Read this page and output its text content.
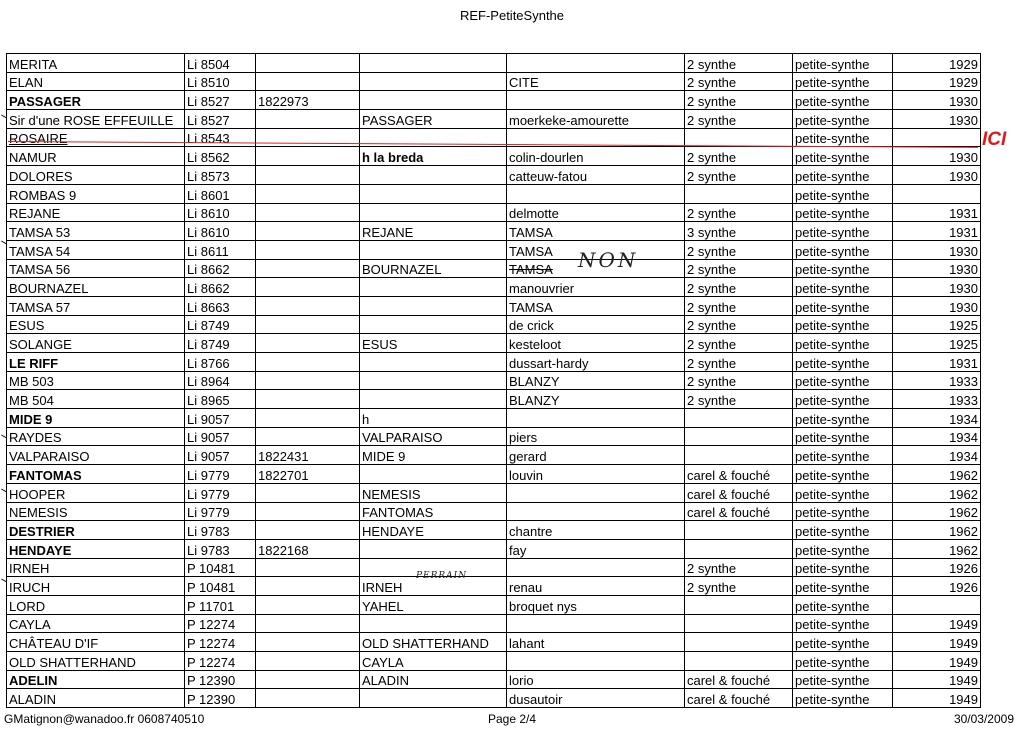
REF-PetiteSynthe
MERITA	Li 8504				2 synthe	petite-synthe	1929
ELAN	Li 8510			CITE	2 synthe	petite-synthe	1929
PASSAGER	Li 8527	1822973			2 synthe	petite-synthe	1930
Sir d'une ROSE EFFEUILLE	Li 8527		PASSAGER	moerkeke-amourette	2 synthe	petite-synthe	1930
ROSAIRE	Li 8543					petite-synthe	
NAMUR	Li 8562		h la breda	colin-dourlen	2 synthe	petite-synthe	1930
DOLORES	Li 8573			catteuw-fatou	2 synthe	petite-synthe	1930
ROMBAS 9	Li 8601					petite-synthe	
REJANE	Li 8610			delmotte	2 synthe	petite-synthe	1931
TAMSA 53	Li 8610		REJANE	TAMSA	3 synthe	petite-synthe	1931
TAMSA 54	Li 8611			TAMSA	2 synthe	petite-synthe	1930
TAMSA 56	Li 8662		BOURNAZEL	TAMSA	2 synthe	petite-synthe	1930
BOURNAZEL	Li 8662			manouvrier	2 synthe	petite-synthe	1930
TAMSA 57	Li 8663			TAMSA	2 synthe	petite-synthe	1930
ESUS	Li 8749			de crick	2 synthe	petite-synthe	1925
SOLANGE	Li 8749		ESUS	kesteloot	2 synthe	petite-synthe	1925
LE RIFF	Li 8766			dussart-hardy	2 synthe	petite-synthe	1931
MB 503	Li 8964			BLANZY	2 synthe	petite-synthe	1933
MB 504	Li 8965			BLANZY	2 synthe	petite-synthe	1933
MIDE 9	Li 9057		h			petite-synthe	1934
RAYDES	Li 9057		VALPARAISO	piers		petite-synthe	1934
VALPARAISO	Li 9057	1822431	MIDE 9	gerard		petite-synthe	1934
FANTOMAS	Li 9779	1822701		louvin	carel & fouché	petite-synthe	1962
HOOPER	Li 9779		NEMESIS		carel & fouché	petite-synthe	1962
NEMESIS	Li 9779		FANTOMAS		carel & fouché	petite-synthe	1962
DESTRIER	Li 9783		HENDAYE	chantre		petite-synthe	1962
HENDAYE	Li 9783	1822168		fay		petite-synthe	1962
IRNEH	P 10481				2 synthe	petite-synthe	1926
IRUCH	P 10481		IRNEH	renau	2 synthe	petite-synthe	1926
LORD	P 11701		YAHEL	broquet nys		petite-synthe	
CAYLA	P 12274					petite-synthe	1949
CHÂTEAU D'IF	P 12274		OLD SHATTERHAND	lahant		petite-synthe	1949
OLD SHATTERHAND	P 12274		CAYLA			petite-synthe	1949
ADELIN	P 12390		ALADIN	lorio	carel & fouché	petite-synthe	1949
ALADIN	P 12390			dusautoir	carel & fouché	petite-synthe	1949
ICI
NON
PERRAIN
GMatignon@wanadoo.fr 0608740510	Page 2/4	30/03/2009
